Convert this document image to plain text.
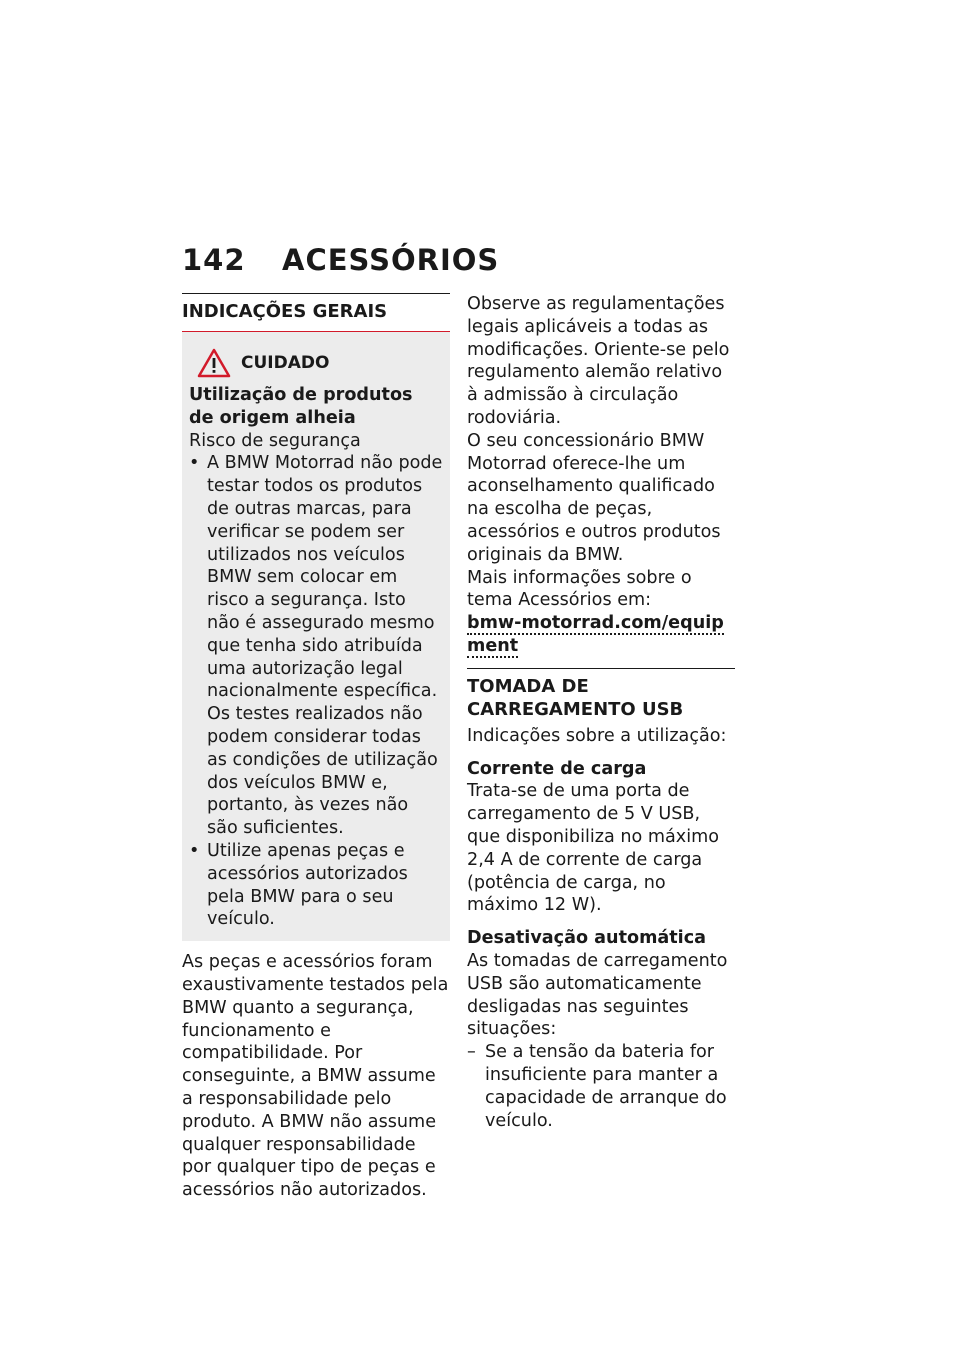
142 ACESSÓRIOS
INDICAÇÕES GERAIS
CUIDADO

Utilização de produtos de origem alheia

Risco de segurança

• A BMW Motorrad não pode testar todos os produtos de outras marcas, para verificar se podem ser utilizados nos veículos BMW sem colocar em risco a segurança. Isto não é assegurado mesmo que tenha sido atribuída uma autorização legal nacionalmente específica. Os testes realizados não podem considerar todas as condições de utilização dos veículos BMW e, portanto, às vezes não são suficientes.
• Utilize apenas peças e acessórios autorizados pela BMW para o seu veículo.

As peças e acessórios foram exaustivamente testados pela BMW quanto a segurança, funcionamento e compatibilidade. Por conseguinte, a BMW assume a responsabilidade pelo produto. A BMW não assume qualquer responsabilidade por qualquer tipo de peças e acessórios não autorizados.

Observe as regulamentações legais aplicáveis a todas as modificações. Oriente-se pelo regulamento alemão relativo à admissão à circulação rodoviária.

O seu concessionário BMW Motorrad oferece-lhe um aconselhamento qualificado na escolha de peças, acessórios e outros produtos originais da BMW.

Mais informações sobre o tema Acessórios em:

bmw-motorrad.com/equipment

TOMADA DE CARREGAMENTO USB

Indicações sobre a utilização:

Corrente de carga

Trata-se de uma porta de carregamento de 5 V USB, que disponibiliza no máximo 2,4 A de corrente de carga (potência de carga, no máximo 12 W).

Desativação automática

As tomadas de carregamento USB são automaticamente desligadas nas seguintes situações:

– Se a tensão da bateria for insuficiente para manter a capacidade de arranque do veículo.
